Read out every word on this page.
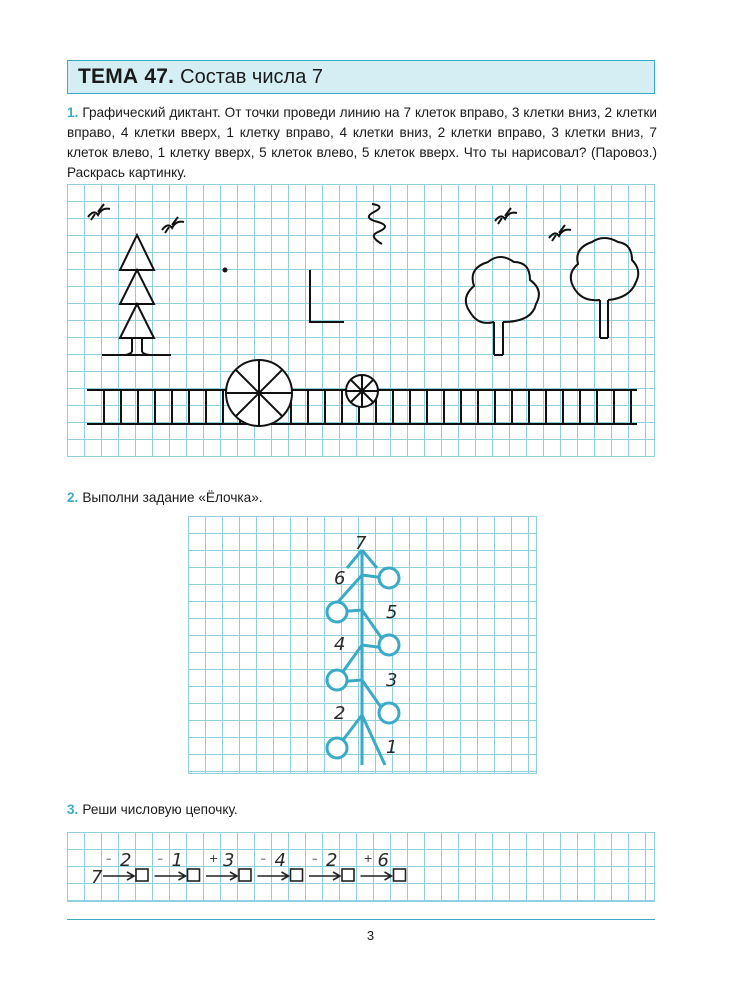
ТЕМА 47. Состав числа 7
1. Графический диктант. От точки проведи линию на 7 клеток вправо, 3 клетки вниз, 2 клетки вправо, 4 клетки вверх, 1 клетку вправо, 4 клетки вниз, 2 клетки вправо, 3 клетки вниз, 7 клеток влево, 1 клетку вверх, 5 клеток влево, 5 клеток вверх. Что ты нарисовал? (Паровоз.) Раскрась картинку.
2. Выполни задание «Ёлочка».
7
6
4
2
5
3
1
3. Реши числовую цепочку.
7
– 2 – 1 + 3 – 4 – 2 + 6
3
